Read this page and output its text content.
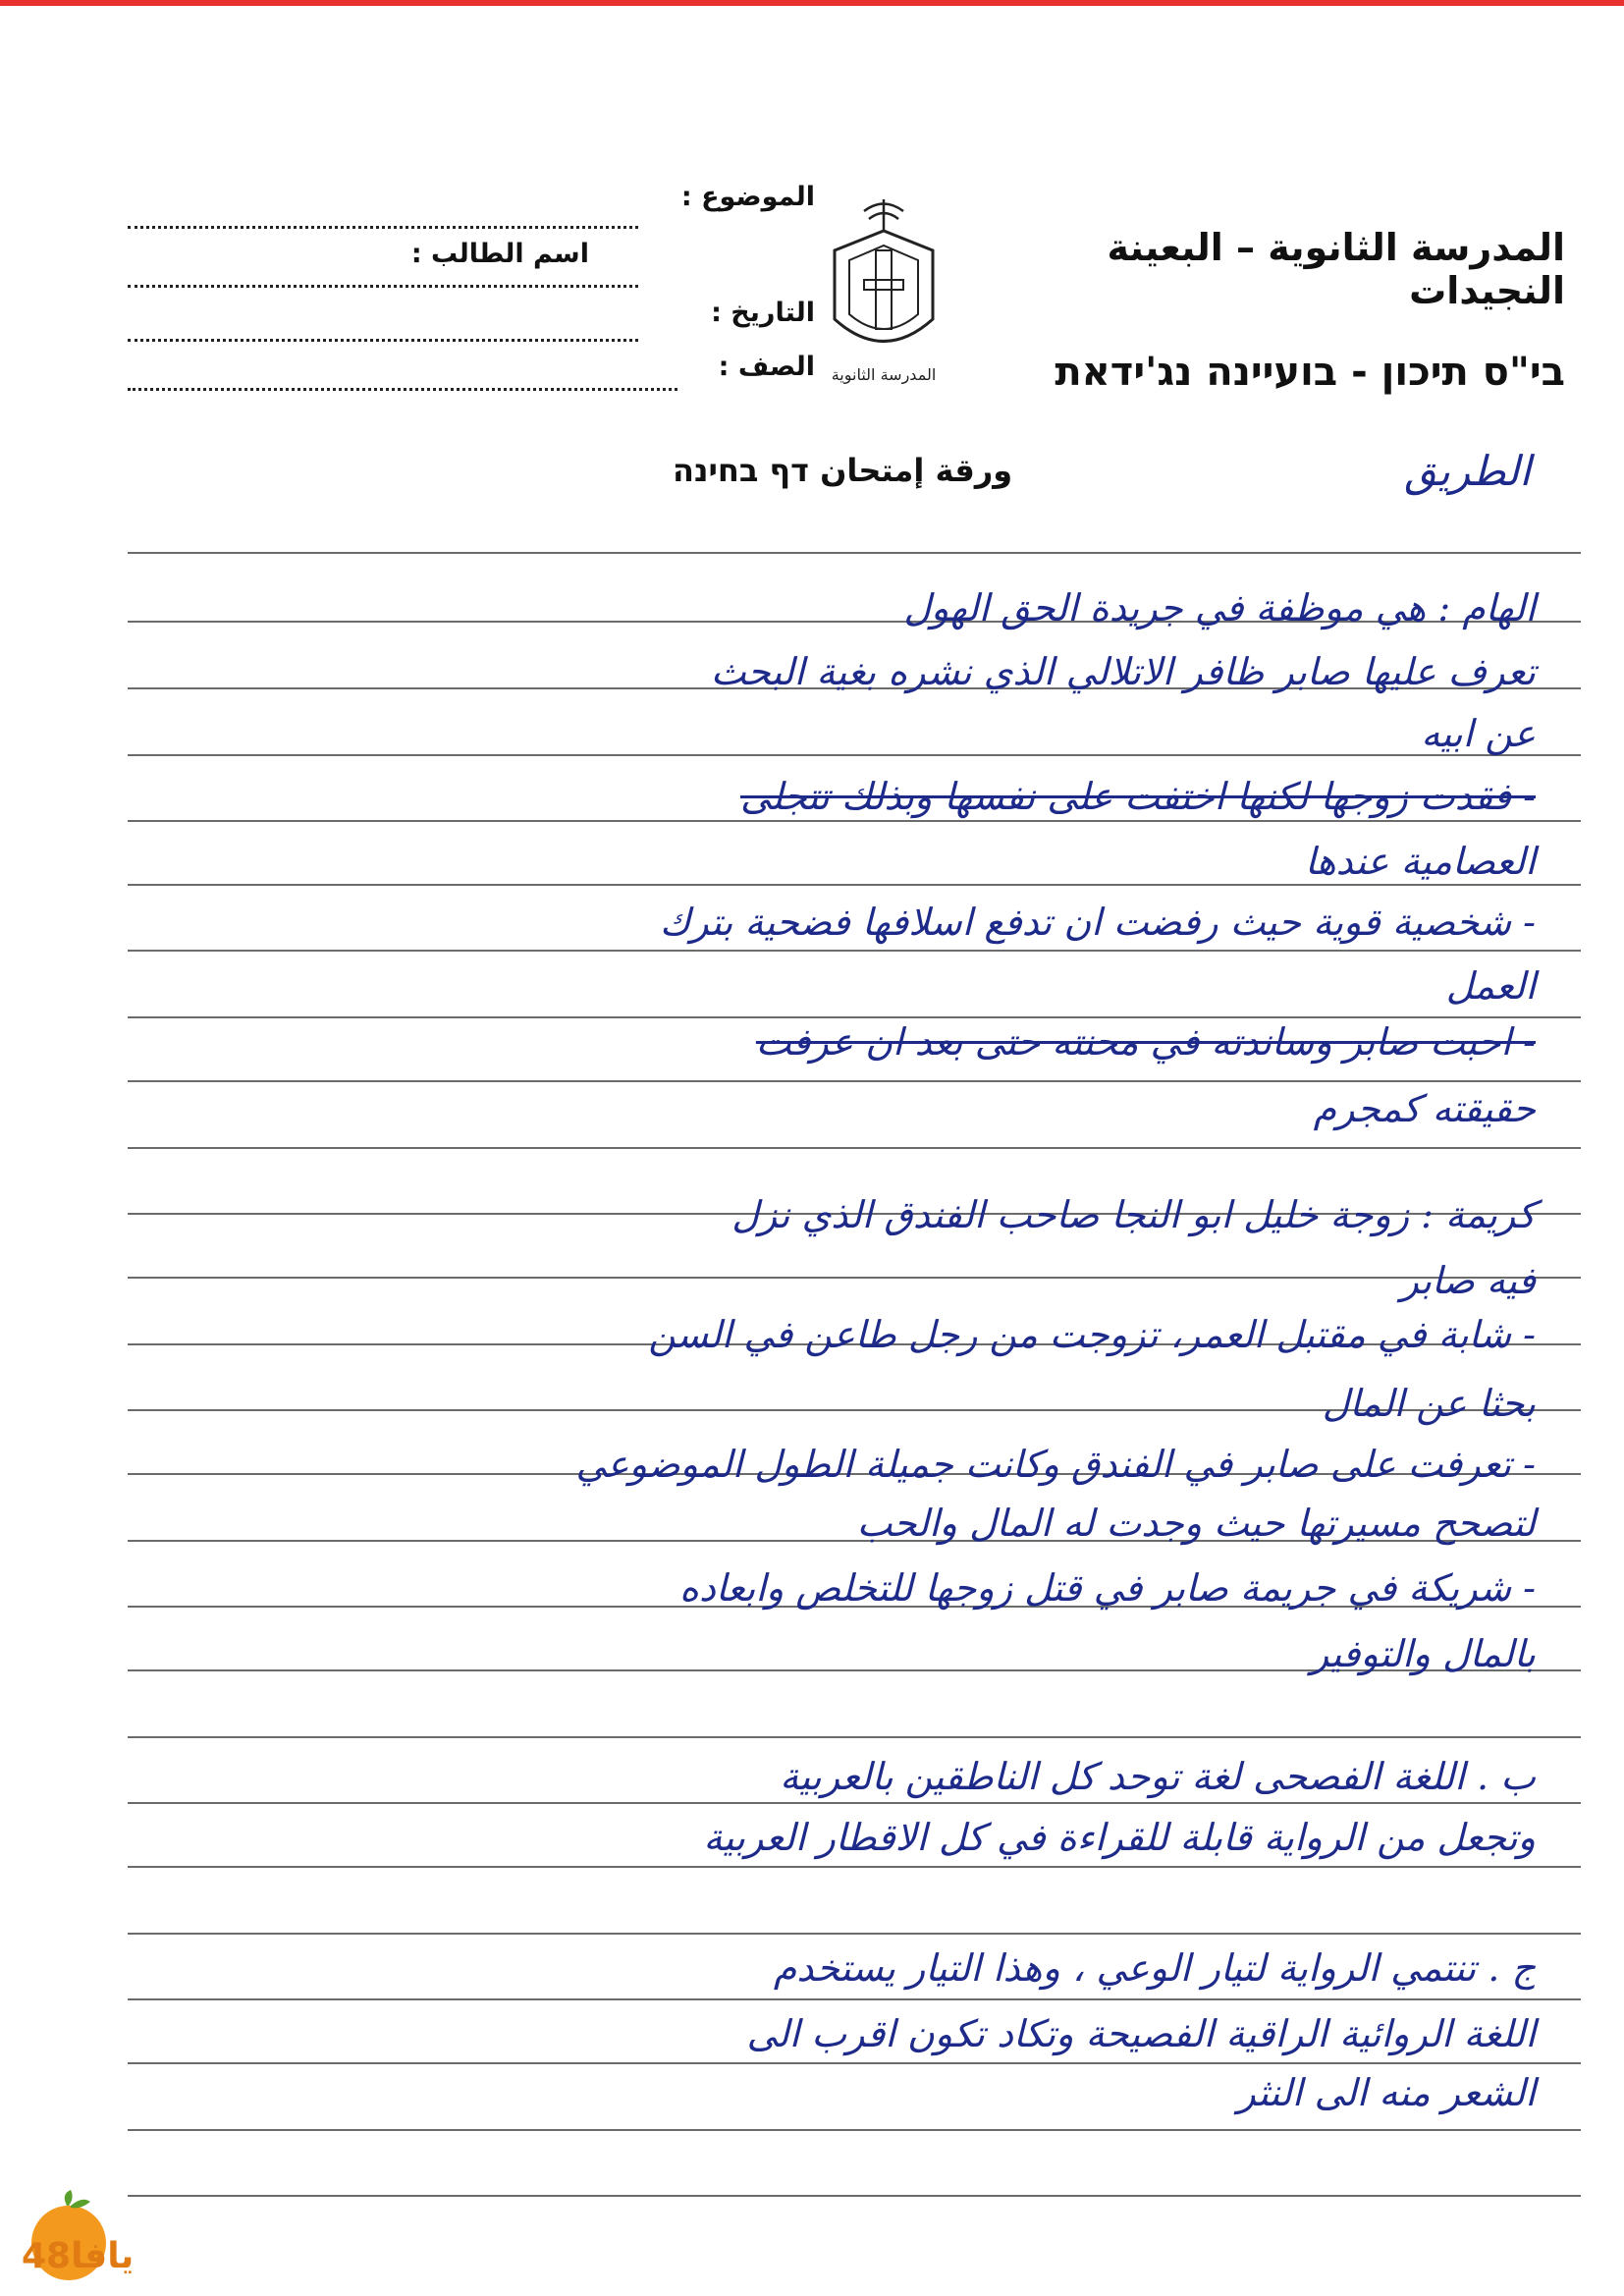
المدرسة الثانوية – البعينة النجيدات
בי"ס תיכון - בועיינה נג'ידאת
المدرسة الثانوية
الموضوع :
اسم الطالب :
التاريخ :
الصف :
ورقة إمتحان דף בחינה	الطريق
الهام : هي موظفة في جريدة الحق الهول
تعرف عليها صابر ظافر الاتلالي الذي نشره بغية البحث
عن ابيه
- فقدت زوجها لكنها اختفت على نفسها وبذلك تتجلى
العصامية عندها
- شخصية قوية حيث رفضت ان تدفع اسلافها فضحية بترك
العمل
- احبت صابر وساندته في محنته حتى بعد ان عرفت
حقيقته كمجرم
كريمة : زوجة خليل ابو النجا صاحب الفندق الذي نزل
فيه صابر
- شابة في مقتبل العمر، تزوجت من رجل طاعن في السن
بحثا عن المال
- تعرفت على صابر في الفندق وكانت جميلة الطول الموضوعي
لتصحح مسيرتها حيث وجدت له المال والحب
- شريكة في جريمة صابر في قتل زوجها للتخلص وابعاده
بالمال والتوفير
ب . اللغة الفصحى لغة توحد كل الناطقين بالعربية
وتجعل من الرواية قابلة للقراءة في كل الاقطار العربية
ج . تنتمي الرواية لتيار الوعي ، وهذا التيار يستخدم
اللغة الروائية الراقية الفصيحة وتكاد تكون اقرب الى
الشعر منه الى النثر
يافا48
